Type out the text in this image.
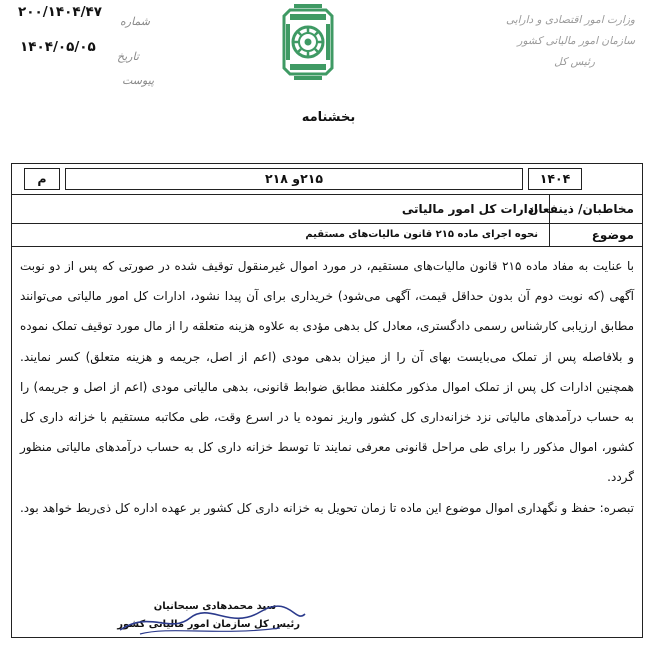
وزارت امور اقتصادی و دارایی
سازمان امور مالیاتی کشور
رئیس کل
۲۰۰/۱۴۰۴/۴۷
شماره
۱۴۰۴/۰۵/۰۵
تاریخ
پیوست
بخشنامه
۱۴۰۴
۲۱۵و ۲۱۸
م
مخاطبان/ ذینفعان
ادارات کل امور مالیاتی
موضوع
نحوه اجرای ماده ۲۱۵ قانون مالیات‌های مستقیم

با عنایت به مفاد ماده ۲۱۵ قانون مالیات‌های مستقیم، در مورد اموال غیرمنقول توقیف شده در صورتی که پس از دو نوبت آگهی (که نوبت دوم آن بدون حداقل قیمت، آگهی می‌شود) خریداری برای آن پیدا نشود، ادارات کل امور مالیاتی می‌توانند مطابق ارزیابی کارشناس رسمی دادگستری، معادل کل بدهی مؤدی به علاوه هزینه متعلقه را از مال مورد توقیف تملک نموده و بلافاصله پس از تملک می‌بایست بهای آن را از میزان بدهی مودی (اعم از اصل، جریمه و هزینه متعلق) کسر نمایند. همچنین ادارات کل پس از تملک اموال مذکور مکلفند مطابق ضوابط قانونی، بدهی مالیاتی مودی (اعم از اصل و جریمه) را به حساب درآمدهای مالیاتی نزد خزانه‌داری کل کشور واریز نموده یا در اسرع وقت، طی مکاتبه مستقیم با خزانه داری کل کشور، اموال مذکور را برای طی مراحل قانونی معرفی نمایند تا توسط خزانه داری کل به حساب درآمدهای مالیاتی منظور گردد.

تبصره: حفظ و نگهداری اموال موضوع این ماده تا زمان تحویل به خزانه داری کل کشور بر عهده اداره کل ذی‌ربط خواهد بود.

سید محمدهادی سبحانیان
رئیس کل سازمان امور مالیاتی کشور
